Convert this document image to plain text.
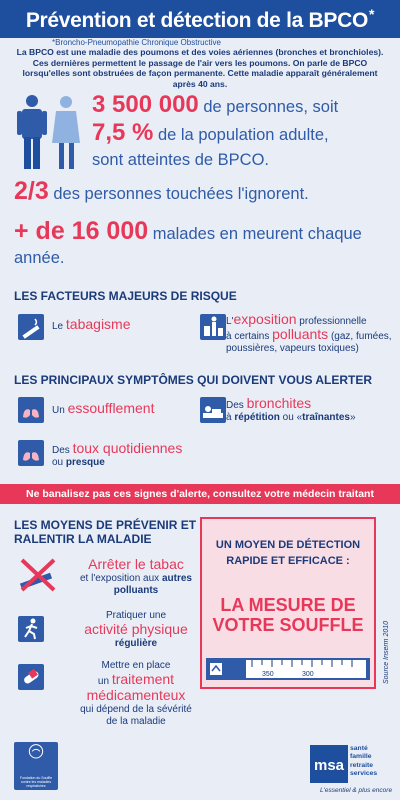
Prévention et détection de la BPCO*
*Broncho-Pneumopathie Chronique Obstructive
La BPCO est une maladie des poumons et des voies aériennes (bronches et bronchioles). Ces dernières permettent le passage de l'air vers les poumons. On parle de BPCO lorsqu'elles sont obstruées de façon permanente. Cette maladie apparaît généralement après 40 ans.
3 500 000 de personnes, soit
7,5 % de la population adulte,
sont atteintes de BPCO.
2/3 des personnes touchées l'ignorent.
+ de 16 000 malades en meurent chaque année.
LES FACTEURS MAJEURS DE RISQUE
Le tabagisme	L'exposition professionnelle
à certains polluants (gaz, fumées, poussières, vapeurs toxiques)
LES PRINCIPAUX SYMPTÔMES QUI DOIVENT VOUS ALERTER
Un essoufflement	Des bronchites
à répétition ou «traînantes»
Des toux quotidiennes
ou presque
Ne banalisez pas ces signes d'alerte, consultez votre médecin traitant
LES MOYENS DE PRÉVENIR ET RALENTIR LA MALADIE
Arrêter le tabac
et l'exposition aux autres polluants
Pratiquer une
activité physique
régulière
Mettre en place
un traitement médicamenteux
qui dépend de la sévérité de la maladie
UN MOYEN DE DÉTECTION RAPIDE ET EFFICACE :
LA MESURE DE VOTRE SOUFFLE
350	300	Source Inserm 2010
Fondation du Souffle contre les maladies respiratoires
msa
santé
famille
retraite
services
L'essentiel & plus encore
